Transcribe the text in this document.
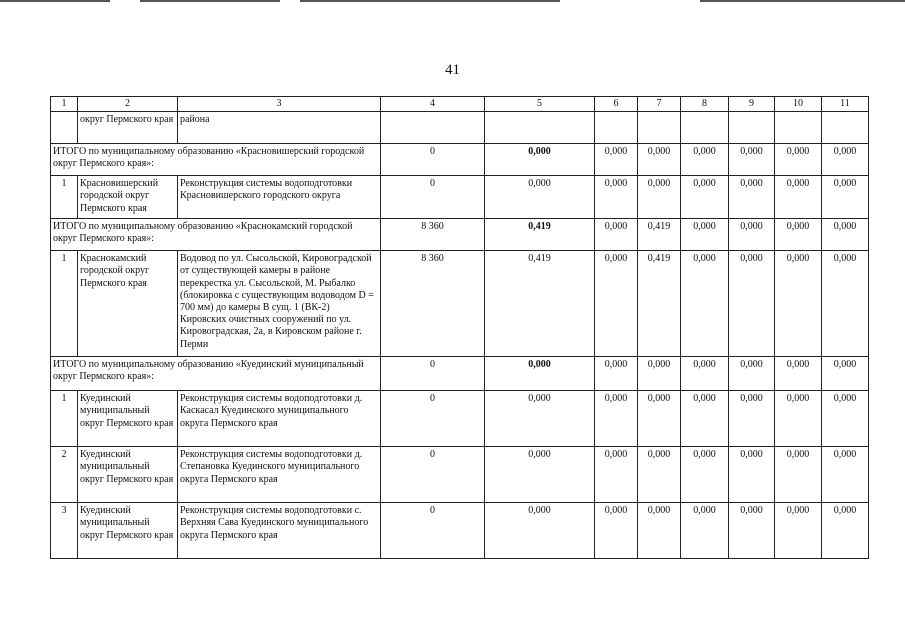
41
1	2	3	4	5	6	7	8	9	10	11
	округ Пермского края	района								
ИТОГО по муниципальному образованию «Красновишерский городской округ Пермского края»:			0	0,000	0,000	0,000	0,000	0,000	0,000	0,000
1	Красновишерский городской округ Пермского края	Реконструкция системы водоподготовки Красновишерского городского округа	0	0,000	0,000	0,000	0,000	0,000	0,000	0,000
ИТОГО по муниципальному образованию «Краснокамский городской округ Пермского края»:			8 360	0,419	0,000	0,419	0,000	0,000	0,000	0,000
1	Краснокамский городской округ Пермского края	Водовод по ул. Сысольской, Кировоградской от существующей камеры в районе перекрестка ул. Сысольской, М. Рыбалко (блокировка с существующим водоводом D = 700 мм) до камеры В сущ. 1 (ВК-2) Кировских очистных сооружений по ул. Кировоградская, 2а, в Кировском районе г. Перми	8 360	0,419	0,000	0,419	0,000	0,000	0,000	0,000
ИТОГО по муниципальному образованию «Куединский муниципальный округ Пермского края»:			0	0,000	0,000	0,000	0,000	0,000	0,000	0,000
1	Куединский муниципальный округ Пермского края	Реконструкция системы водоподготовки д. Каскасал Куединского муниципального округа Пермского края	0	0,000	0,000	0,000	0,000	0,000	0,000	0,000
2	Куединский муниципальный округ Пермского края	Реконструкция системы водоподготовки д. Степановка Куединского муниципального округа Пермского края	0	0,000	0,000	0,000	0,000	0,000	0,000	0,000
3	Куединский муниципальный округ Пермского края	Реконструкция системы водоподготовки с. Верхняя Сава Куединского муниципального округа Пермского края	0	0,000	0,000	0,000	0,000	0,000	0,000	0,000
